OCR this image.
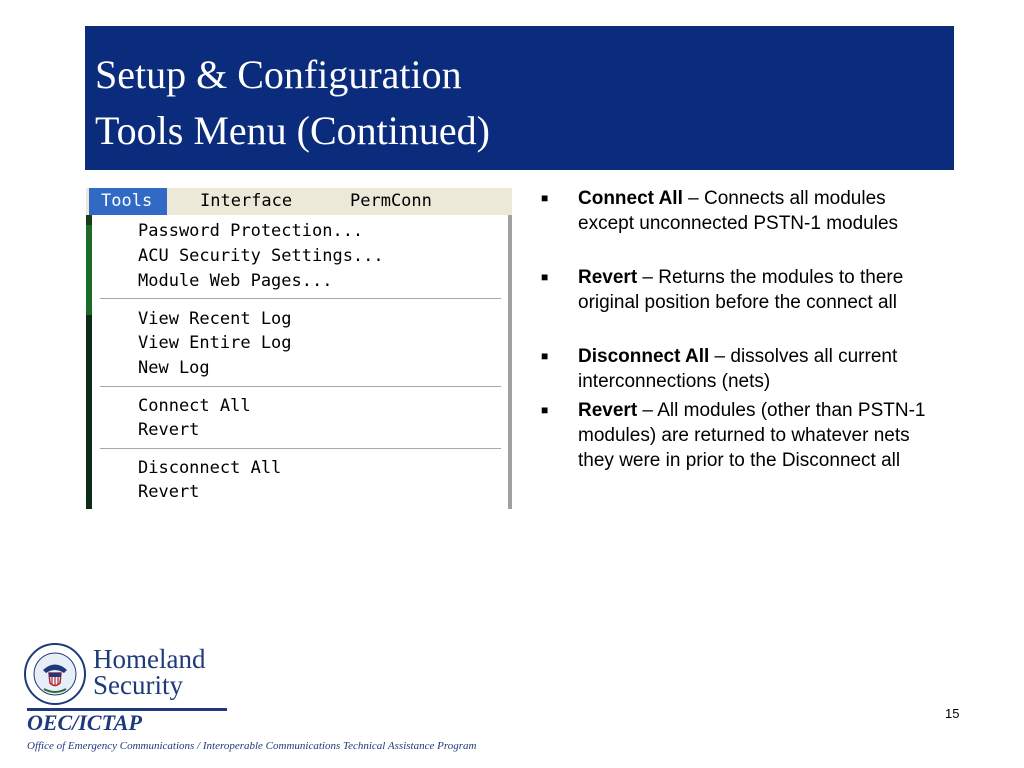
Setup & Configuration
Tools Menu (Continued)
Tools	Interface	PermConn
Password Protection...
ACU Security Settings...
Module Web Pages...
View Recent Log
View Entire Log
New Log
Connect All
Revert
Disconnect All
Revert
■ Connect All – Connects all modules except unconnected PSTN-1 modules
■ Revert – Returns the modules to there original position before the connect all
■ Disconnect All – dissolves all current interconnections (nets)
■ Revert – All modules (other than PSTN-1 modules) are returned to whatever nets they were in prior to the Disconnect all
Homeland
Security
OEC/ICTAP
Office of Emergency Communications / Interoperable Communications Technical Assistance Program
15
